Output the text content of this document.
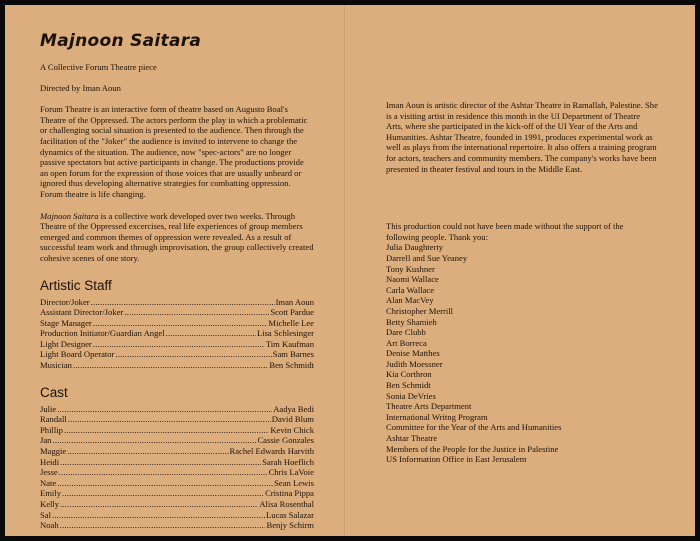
Majnoon Saitara

A Collective Forum Theatre piece

Directed by Iman Aoun

Forum Theatre is an interactive form of theatre based on Augusto Boal's Theatre of the Oppressed. The actors perform the play in which a problematic or challenging social situation is presented to the audience. Then through the facilitation of the "Joker" the audience is invited to intervene to change the dynamics of the situation. The audience, now "spec-actors" are no longer passive spectators but active participants in change. The productions provide an open forum for the expression of those voices that are usually unheard or ignored thus developing alternative strategies for combatting oppression. Forum theatre is life changing.

Majnoon Saitara is a collective work developed over two weeks. Through Theatre of the Oppressed excercises, real life experiences of group members emerged and common themes of oppression were revealed. As a result of successful team work and through improvisation, the group collectively created cohesive scenes of one story.

Artistic Staff
Director/Joker .....	Iman Aoun
Assistant Director/Joker .....	Scott Pardue
Stage Manager .....	Michelle Lee
Production Initiator/Guardian Angel .....	Lisa Schlesinger
Light Designer .....	Tim Kaufman
Light Board Operator .....	Sam Barnes
Musician .....	Ben Schmidt
Cast
Julie .....	Aadya Bedi
Randall .....	David Blum
Phillip .....	Kevin Chick
Jan .....	Cassie Gonzales
Maggie .....	Rachel Edwards Harvith
Heidi .....	Sarah Hoeflich
Jesse .....	Chris LaVoie
Nate .....	Sean Lewis
Emily .....	Cristina Pippa
Kelly .....	Alisa Rosenthal
Sal .....	Lucas Salazar
Noah .....	Benjy Schirm

Iman Aoun is artistic director of the Ashtar Theatre in Ramallah, Palestine. She is a visiting artist in residence this month in the UI Department of Theatre Arts, where she participated in the kick-off of the UI Year of the Arts and Humanities. Ashtar Theatre, founded in 1991, produces experimental work as well as plays from the international repertoire. It also offers a training program for actors, teachers and community members. The company's works have been presented in theater festival and tours in the Middle East.

This production could not have been made without the support of the following people. Thank you:

Julia Daughterty
Darrell and Sue Yeaney
Tony Kushner
Naomi Wallace
Carla Wallace
Alan MacVey
Christopher Merrill
Betty Shamieh
Dare Clubb
Art Borreca
Denise Matthes
Judith Moessner
Kia Corthron
Ben Schmidt
Sonia DeVries
Theatre Arts Department
International Writng Program
Committee for the Year of the Arts and Humanities
Ashtar Theatre
Members of the People for the Justice in Palestine
US Information Office in East Jerusalem
